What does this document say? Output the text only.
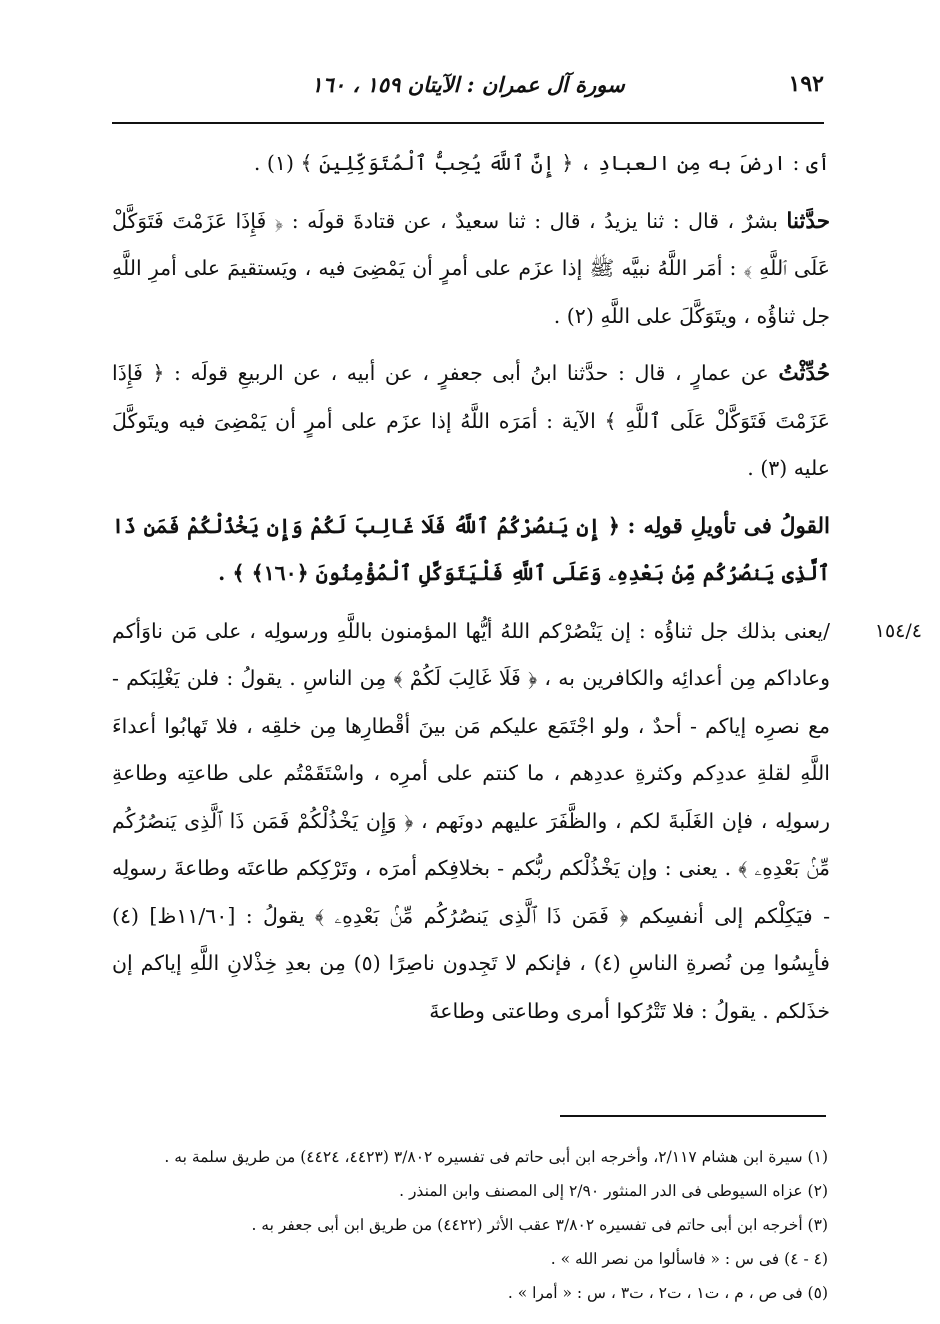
١٩٢
سورة آل عمران : الآيتان ١٥٩ ، ١٦٠
١٥٤/٤

أى : ارضَ به مِن العبادِ ، ﴿ إِنَّ ٱللَّهَ يُحِبُّ ٱلْمُتَوَكِّلِينَ ﴾ (١) .

حدَّثنا بشرٌ ، قال : ثنا يزيدُ ، قال : ثنا سعيدٌ ، عن قتادةَ قولَه : ﴿ فَإِذَا عَزَمْتَ فَتَوَكَّلْ عَلَى ٱللَّهِ ﴾ : أمَر اللَّهُ نبيَّه ﷺ إذا عزَم على أمرٍ أن يَمْضِىَ فيه ، ويَستقيمَ على أمرِ اللَّهِ جل ثناؤُه ، ويتَوَكَّلَ على اللَّهِ (٢) .

حُدِّثْتُ عن عمارٍ ، قال : حدَّثنا ابنُ أبى جعفرٍ ، عن أبيه ، عن الربيعِ قولَه : ﴿ فَإِذَا عَزَمْتَ فَتَوَكَّلْ عَلَى ٱللَّهِ ﴾ الآية : أمَرَه اللَّهُ إذا عزَم على أمرٍ أن يَمْضِىَ فيه ويتَوكَّلَ عليه (٣) .

القولُ فى تأويلِ قولِه : ﴿ إِن يَنصُرْكُمُ ٱللَّهُ فَلَا غَالِبَ لَكُمْ وَإِن يَخْذُلْكُمْ فَمَن ذَا ٱلَّذِى يَنصُرُكُم مِّنۢ بَعْدِهِۦ وَعَلَى ٱللَّهِ فَلْيَتَوَكَّلِ ٱلْمُؤْمِنُونَ ﴿١٦٠﴾ ﴾ .

/يعنى بذلك جل ثناؤُه : إن يَنْصُرْكم اللهُ أيُّها المؤمنون باللَّهِ ورسولِه ، على مَن ناوَأكم وعاداكم مِن أعدائِه والكافرين به ، ﴿ فَلَا غَالِبَ لَكُمْ ﴾ مِن الناسِ . يقولُ : فلن يَغْلِبَكم - مع نصرِه إياكم - أحدٌ ، ولو اجْتَمَع عليكم مَن بينَ أقْطارِها مِن خلقِه ، فلا تَهابُوا أعداءَ اللَّهِ لقلةِ عددِكم وكثرةِ عددِهم ، ما كنتم على أمرِه ، واسْتَقَمْتُم على طاعتِه وطاعةِ رسولِه ، فإن الغَلَبةَ لكم ، والظَّفَرَ عليهم دونَهم ، ﴿ وَإِن يَخْذُلْكُمْ فَمَن ذَا ٱلَّذِى يَنصُرُكُم مِّنۢ بَعْدِهِۦ ﴾ . يعنى : وإن يَخْذُلْكم ربُّكم - بخلافِكم أمرَه ، وتَرْكِكم طاعتَه وطاعةَ رسولِه - فيَكِلْكم إلى أنفسِكم ﴿ فَمَن ذَا ٱلَّذِى يَنصُرُكُم مِّنۢ بَعْدِهِۦ ﴾ يقولُ : [١١/٦٠ظ] (٤) فأيِسُوا مِن نُصرةِ الناسِ (٤) ، فإنكم لا تَجِدون ناصِرًا (٥) مِن بعدِ خِذْلانِ اللَّهِ إياكم إن خذَلكم . يقولُ : فلا تَتْرُكوا أمرى وطاعتى وطاعةَ

(١) سيرة ابن هشام ٢/١١٧، وأخرجه ابن أبى حاتم فى تفسيره ٣/٨٠٢ (٤٤٢٣، ٤٤٢٤) من طريق سلمة به .

(٢) عزاه السيوطى فى الدر المنثور ٢/٩٠ إلى المصنف وابن المنذر .

(٣) أخرجه ابن أبى حاتم فى تفسيره ٣/٨٠٢ عقب الأثر (٤٤٢٢) من طريق ابن أبى جعفر به .

(٤ - ٤) فى س : « فاسألوا من نصر الله » .

(٥) فى ص ، م ، ت١ ، ت٢ ، ت٣ ، س : « أمرا » .
